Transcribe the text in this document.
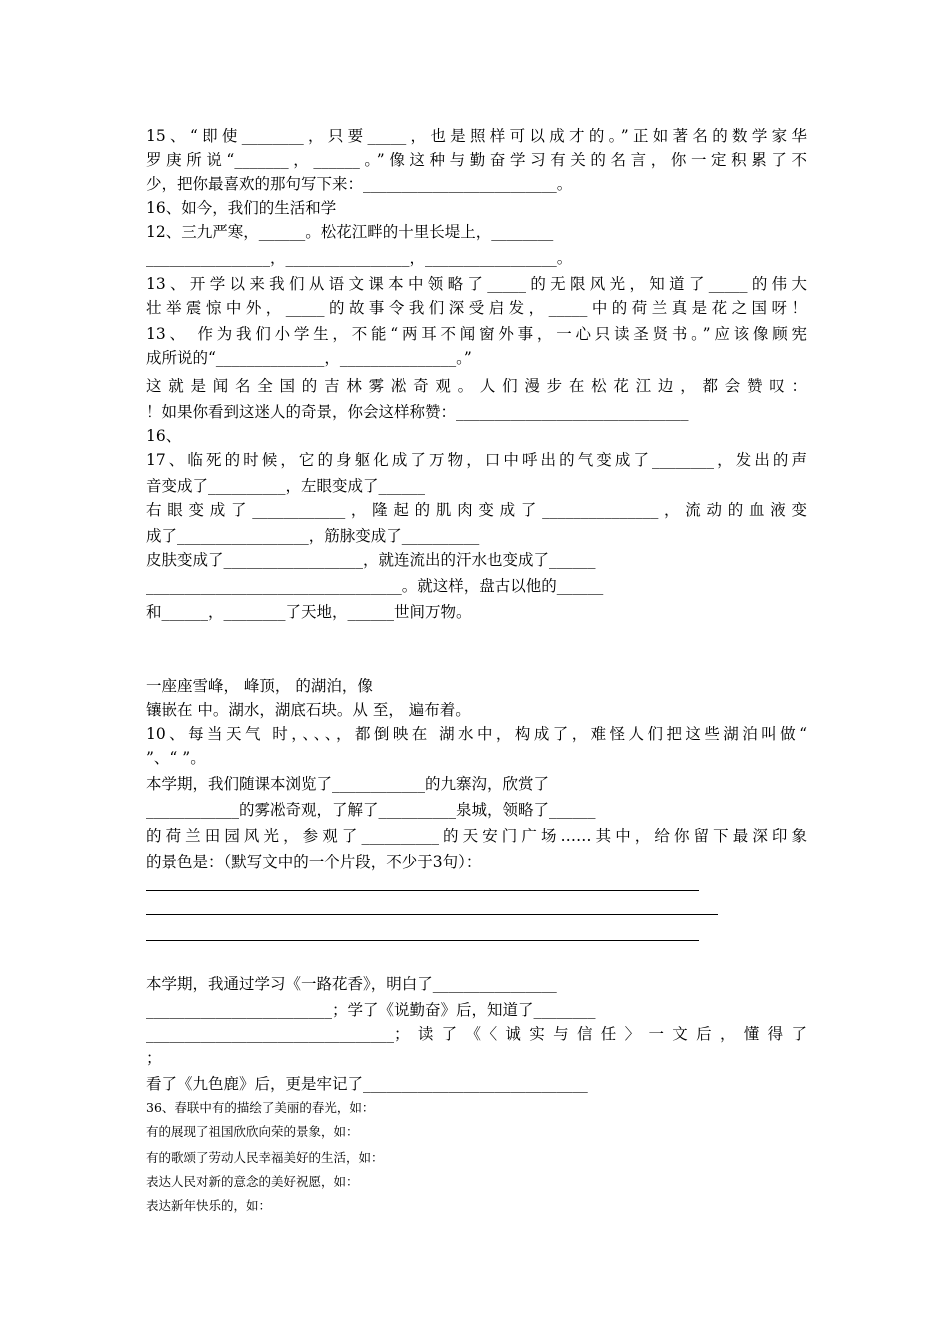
15、“即使________，只要_____，也是照样可以成才的。”正如著名的数学家华
罗庚所说“_______，______。”像这种与勤奋学习有关的名言，你一定积累了不
少，把你最喜欢的那句写下来：_________________________。
16、如今，我们的生活和学
12、三九严寒，______。松花江畔的十里长堤上，________
________________，________________，_________________。
13、开学以来我们从语文课本中领略了_____的无限风光，知道了_____的伟大
壮举震惊中外，_____的故事令我们深受启发，_____中的荷兰真是花之国呀！
13、 作为我们小学生，不能“两耳不闻窗外事，一心只读圣贤书。”应该像顾宪
成所说的“______________，_______________。”
这就是闻名全国的吉林雾凇奇观。人们漫步在松花江边，都会赞叹：
！如果你看到这迷人的奇景，你会这样称赞：______________________________
16、
17、临死的时候，它的身躯化成了万物，口中呼出的气变成了________，发出的声
音变成了__________，左眼变成了______
右眼变成了____________，隆起的肌肉变成了_______________，流动的血液变
成了_________________，筋脉变成了__________
皮肤变成了__________________，就连流出的汗水也变成了______
_________________________________。就这样，盘古以他的______
和______，________了天地，______世间万物。
一座座雪峰， 峰顶， 的湖泊，像
镶嵌在 中。湖水，湖底石块。从 至， 遍布着。
10、每当天气 时，、、、，都倒映在 湖水中，构成了，难怪人们把这些湖泊叫做“
”、“ ”。
本学期，我们随课本浏览了____________的九寨沟，欣赏了
____________的雾凇奇观，了解了__________泉城，领略了______
的荷兰田园风光，参观了__________的天安门广场……其中，给你留下最深印象
的景色是：（默写文中的一个片段，不少于3句）：
本学期，我通过学习《一路花香》，明白了________________
________________________；学了《说勤奋》后，知道了________
________________________________；读了《〈诚实与信任〉一文后，懂得了
；
看了《九色鹿》后，更是牢记了_____________________________
36、春联中有的描绘了美丽的春光，如：
有的展现了祖国欣欣向荣的景象，如：
有的歌颂了劳动人民幸福美好的生活，如：
表达人民对新的意念的美好祝愿，如：
表达新年快乐的，如：
